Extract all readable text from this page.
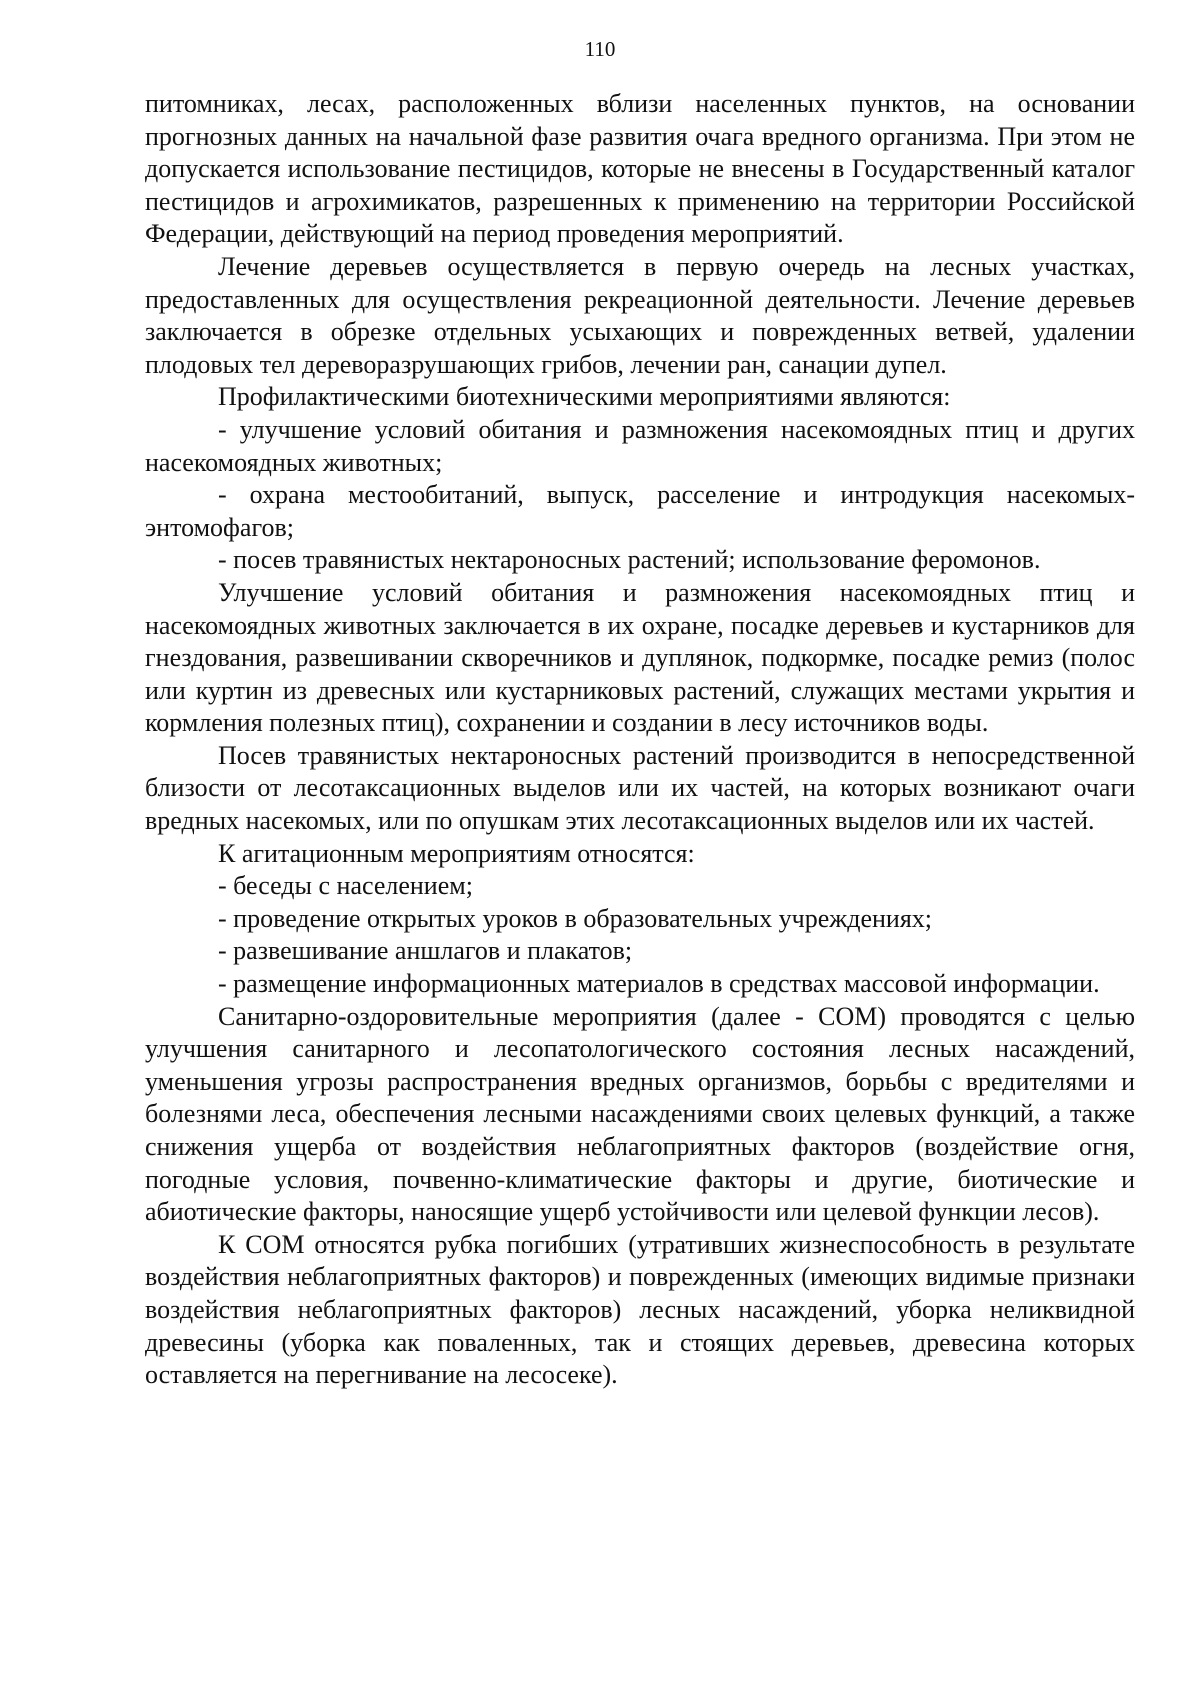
110

питомниках, лесах, расположенных вблизи населенных пунктов, на основании прогнозных данных на начальной фазе развития очага вредного организма. При этом не допускается использование пестицидов, которые не внесены в Государственный каталог пестицидов и агрохимикатов, разрешенных к применению на территории Российской Федерации, действующий на период проведения мероприятий.

Лечение деревьев осуществляется в первую очередь на лесных участках, предоставленных для осуществления рекреационной деятельности. Лечение деревьев заключается в обрезке отдельных усыхающих и поврежденных ветвей, удалении плодовых тел дереворазрушающих грибов, лечении ран, санации дупел.

Профилактическими биотехническими мероприятиями являются:

- улучшение условий обитания и размножения насекомоядных птиц и других насекомоядных животных;

- охрана местообитаний, выпуск, расселение и интродукция насекомых-энтомофагов;

- посев травянистых нектароносных растений; использование феромонов.

Улучшение условий обитания и размножения насекомоядных птиц и насекомоядных животных заключается в их охране, посадке деревьев и кустарников для гнездования, развешивании скворечников и дуплянок, подкормке, посадке ремиз (полос или куртин из древесных или кустарниковых растений, служащих местами укрытия и кормления полезных птиц), сохранении и создании в лесу источников воды.

Посев травянистых нектароносных растений производится в непосредственной близости от лесотаксационных выделов или их частей, на которых возникают очаги вредных насекомых, или по опушкам этих лесотаксационных выделов или их частей.

К агитационным мероприятиям относятся:

- беседы с населением;

- проведение открытых уроков в образовательных учреждениях;

- развешивание аншлагов и плакатов;

- размещение информационных материалов в средствах массовой информации.

Санитарно-оздоровительные мероприятия (далее - СОМ) проводятся с целью улучшения санитарного и лесопатологического состояния лесных насаждений, уменьшения угрозы распространения вредных организмов, борьбы с вредителями и болезнями леса, обеспечения лесными насаждениями своих целевых функций, а также снижения ущерба от воздействия неблагоприятных факторов (воздействие огня, погодные условия, почвенно-климатические факторы и другие, биотические и абиотические факторы, наносящие ущерб устойчивости или целевой функции лесов).

К СОМ относятся рубка погибших (утративших жизнеспособность в результате воздействия неблагоприятных факторов) и поврежденных (имеющих видимые признаки воздействия неблагоприятных факторов) лесных насаждений, уборка неликвидной древесины (уборка как поваленных, так и стоящих деревьев, древесина которых оставляется на перегнивание на лесосеке).
